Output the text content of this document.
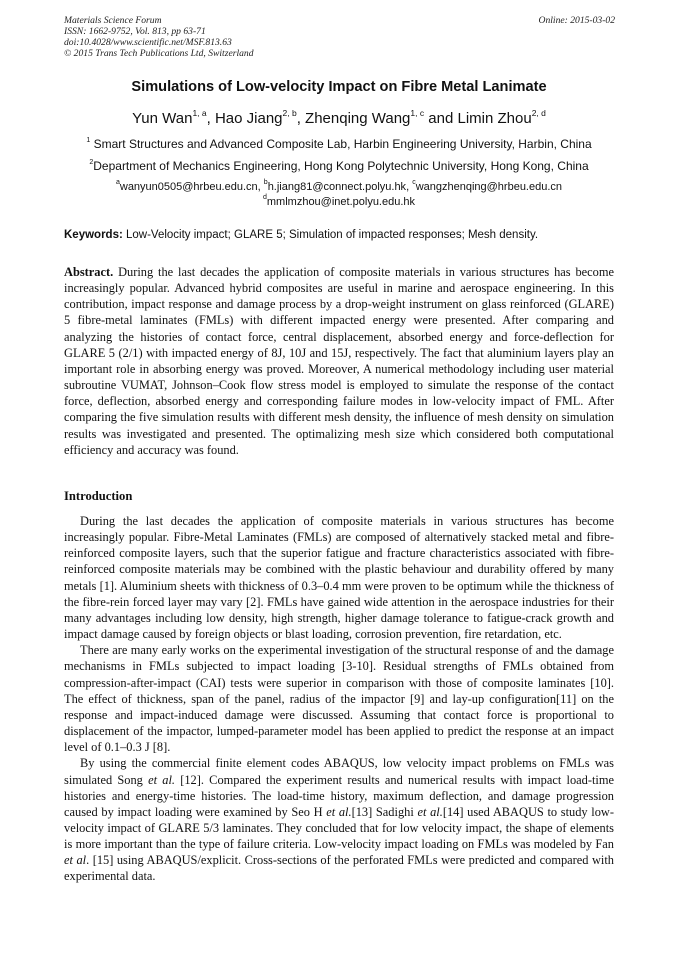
Materials Science Forum
ISSN: 1662-9752, Vol. 813, pp 63-71
doi:10.4028/www.scientific.net/MSF.813.63
© 2015 Trans Tech Publications Ltd, Switzerland
Online: 2015-03-02
Simulations of Low-velocity Impact on Fibre Metal Lanimate
Yun Wan$^{1, a}$, Hao Jiang$^{2, b}$, Zhenqing Wang$^{1, c}$ and Limin Zhou$^{2, d}$
$^1$ Smart Structures and Advanced Composite Lab, Harbin Engineering University, Harbin, China
$^2$Department of Mechanics Engineering, Hong Kong Polytechnic University, Hong Kong, China
$^a$wanyun0505@hrbeu.edu.cn, $^b$h.jiang81@connect.polyu.hk, $^c$wangzhenqing@hrbeu.edu.cn
$^d$mmlmzhou@inet.polyu.edu.hk
Keywords: Low-Velocity impact; GLARE 5; Simulation of impacted responses; Mesh density.
Abstract. During the last decades the application of composite materials in various structures has become increasingly popular. Advanced hybrid composites are useful in marine and aerospace engineering. In this contribution, impact response and damage process by a drop-weight instrument on glass reinforced (GLARE) 5 fibre-metal laminates (FMLs) with different impacted energy were presented. After comparing and analyzing the histories of contact force, central displacement, absorbed energy and force-deflection for GLARE 5 (2/1) with impacted energy of 8J, 10J and 15J, respectively. The fact that aluminium layers play an important role in absorbing energy was proved. Moreover, A numerical methodology including user material subroutine VUMAT, Johnson–Cook flow stress model is employed to simulate the response of the contact force, deflection, absorbed energy and corresponding failure modes in low-velocity impact of FML. After comparing the five simulation results with different mesh density, the influence of mesh density on simulation results was investigated and presented. The optimalizing mesh size which considered both computational efficiency and accuracy was found.
Introduction

During the last decades the application of composite materials in various structures has become increasingly popular. Fibre-Metal Laminates (FMLs) are composed of alternatively stacked metal and fibre-reinforced composite layers, such that the superior fatigue and fracture characteristics associated with fibre-reinforced composite materials may be combined with the plastic behaviour and durability offered by many metals [1]. Aluminium sheets with thickness of 0.3–0.4 mm were proven to be optimum while the thickness of the fibre-rein forced layer may vary [2]. FMLs have gained wide attention in the aerospace industries for their many advantages including low density, high strength, higher damage tolerance to fatigue-crack growth and impact damage caused by foreign objects or blast loading, corrosion prevention, fire retardation, etc.

There are many early works on the experimental investigation of the structural response of and the damage mechanisms in FMLs subjected to impact loading [3-10]. Residual strengths of FMLs obtained from compression-after-impact (CAI) tests were superior in comparison with those of composite laminates [10]. The effect of thickness, span of the panel, radius of the impactor [9] and lay-up configuration[11] on the response and impact-induced damage were discussed. Assuming that contact force is proportional to displacement of the impactor, lumped-parameter model has been applied to predict the response at an impact level of 0.1–0.3 J [8].

By using the commercial finite element codes ABAQUS, low velocity impact problems on FMLs was simulated Song et al. [12]. Compared the experiment results and numerical results with impact load-time histories and energy-time histories. The load-time history, maximum deflection, and damage progression caused by impact loading were examined by Seo H et al.[13] Sadighi et al.[14] used ABAQUS to study low-velocity impact of GLARE 5/3 laminates. They concluded that for low velocity impact, the shape of elements is more important than the type of failure criteria. Low-velocity impact loading on FMLs was modeled by Fan et al. [15] using ABAQUS/explicit. Cross-sections of the perforated FMLs were predicted and compared with experimental data.
